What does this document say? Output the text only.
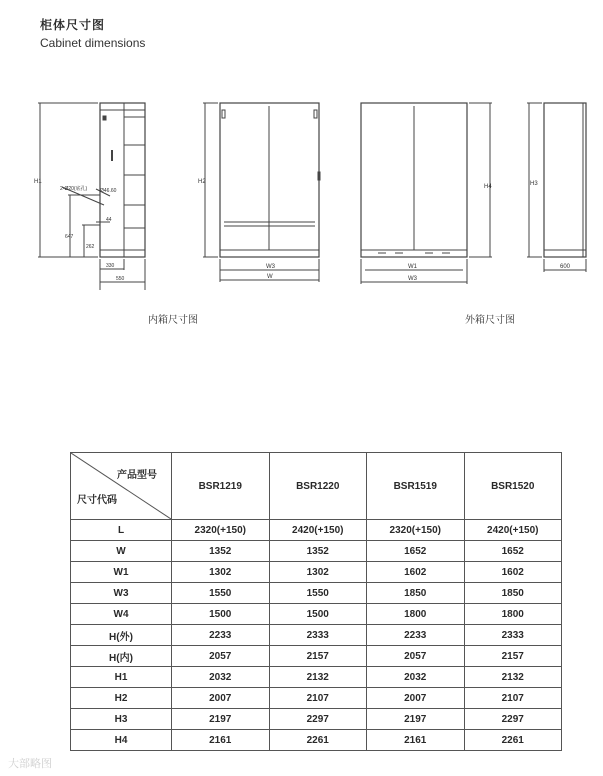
柜体尺寸图
Cabinet dimensions
H1
2-Ø20(底孔)	Ø46.60
44
647
262
330
550
H2
W3
W
H4
W1
W3
H3
600
内箱尺寸图	外箱尺寸图
产品型号
尺寸代码	BSR1219	BSR1220	BSR1519	BSR1520
L	2320(+150)	2420(+150)	2320(+150)	2420(+150)
W	1352	1352	1652	1652
W1	1302	1302	1602	1602
W3	1550	1550	1850	1850
W4	1500	1500	1800	1800
H(外)	2233	2333	2233	2333
H(内)	2057	2157	2057	2157
H1	2032	2132	2032	2132
H2	2007	2107	2007	2107
H3	2197	2297	2197	2297
H4	2161	2261	2161	2261
大部略图
